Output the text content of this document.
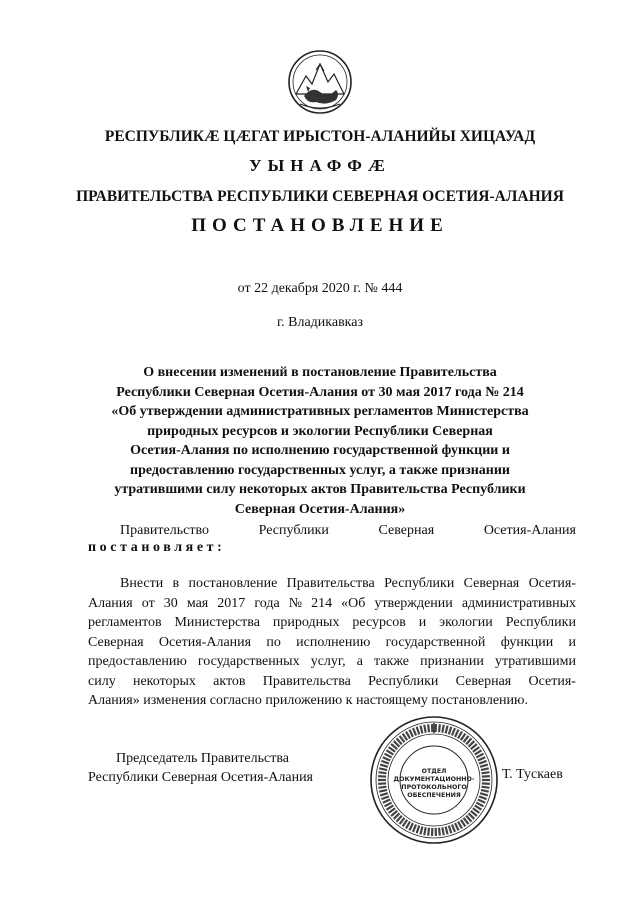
РЕСПУБЛИКӔ ЦӔГАТ ИРЫСТОН-АЛАНИЙЫ ХИЦАУАД
УЫНАФФӔ
ПРАВИТЕЛЬСТВА РЕСПУБЛИКИ СЕВЕРНАЯ ОСЕТИЯ-АЛАНИЯ
ПОСТАНОВЛЕНИЕ
от 22 декабря 2020 г. № 444
г. Владикавказ
О внесении изменений в постановление Правительства
Республики Северная Осетия-Алания от 30 мая 2017 года № 214
«Об утверждении административных регламентов Министерства
природных ресурсов и экологии Республики Северная
Осетия-Алания по исполнению государственной функции и
предоставлению государственных услуг, а также признании
утратившими силу некоторых актов Правительства Республики
Северная Осетия-Алания»
Правительство	Республики	Северная	Осетия-Алания
постановляет:
Внести в постановление Правительства Республики Северная Осетия-
Алания от 30 мая 2017 года № 214 «Об утверждении административных
регламентов Министерства природных ресурсов и экологии Республики
Северная Осетия-Алания по исполнению государственной функции и
предоставлению государственных услуг, а также признании утратившими
силу некоторых актов Правительства Республики Северная Осетия-
Алания» изменения согласно приложению к настоящему постановлению.
Председатель Правительства
Республики Северная Осетия-Алания	ОТДЕЛ
ДОКУМЕНТАЦИОННО-
ПРОТОКОЛЬНОГО
ОБЕСПЕЧЕНИЯ
Т. Тускаев
